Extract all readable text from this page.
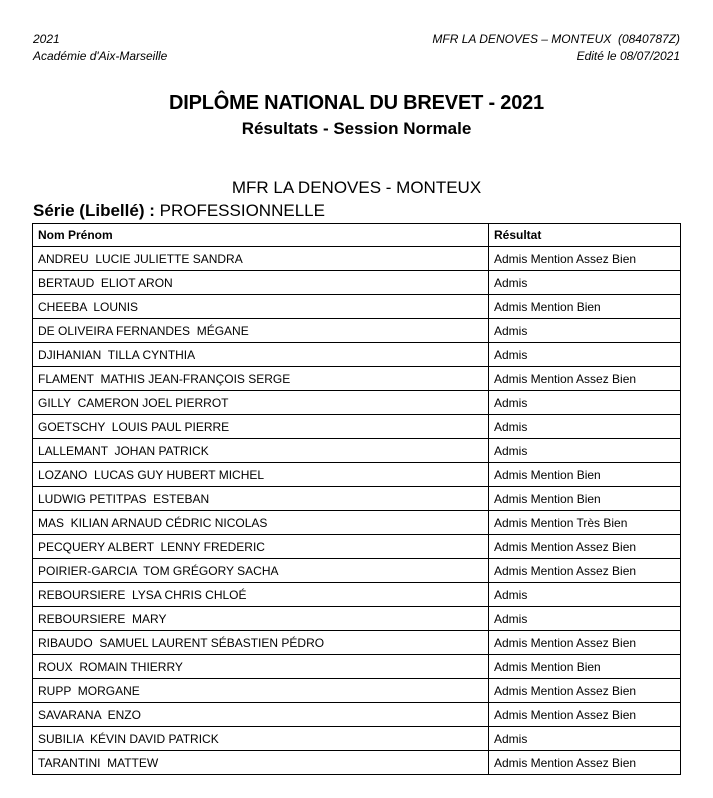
2021
Académie d'Aix-Marseille
MFR LA DENOVES – MONTEUX  (0840787Z)
Edité le 08/07/2021
DIPLÔME NATIONAL DU BREVET - 2021
Résultats - Session Normale
MFR LA DENOVES - MONTEUX
Série (Libellé) : PROFESSIONNELLE
Nom Prénom	Résultat
ANDREU  LUCIE JULIETTE SANDRA	Admis Mention Assez Bien
BERTAUD  ELIOT ARON	Admis
CHEEBA  LOUNIS	Admis Mention Bien
DE OLIVEIRA FERNANDES  MÉGANE	Admis
DJIHANIAN  TILLA CYNTHIA	Admis
FLAMENT  MATHIS JEAN-FRANÇOIS SERGE	Admis Mention Assez Bien
GILLY  CAMERON JOEL PIERROT	Admis
GOETSCHY  LOUIS PAUL PIERRE	Admis
LALLEMANT  JOHAN PATRICK	Admis
LOZANO  LUCAS GUY HUBERT MICHEL	Admis Mention Bien
LUDWIG PETITPAS  ESTEBAN	Admis Mention Bien
MAS  KILIAN ARNAUD CÉDRIC NICOLAS	Admis Mention Très Bien
PECQUERY ALBERT  LENNY FREDERIC	Admis Mention Assez Bien
POIRIER-GARCIA  TOM GRÉGORY SACHA	Admis Mention Assez Bien
REBOURSIERE  LYSA CHRIS CHLOÉ	Admis
REBOURSIERE  MARY	Admis
RIBAUDO  SAMUEL LAURENT SÉBASTIEN PÉDRO	Admis Mention Assez Bien
ROUX  ROMAIN THIERRY	Admis Mention Bien
RUPP  MORGANE	Admis Mention Assez Bien
SAVARANA  ENZO	Admis Mention Assez Bien
SUBILIA  KÉVIN DAVID PATRICK	Admis
TARANTINI  MATTEW	Admis Mention Assez Bien
